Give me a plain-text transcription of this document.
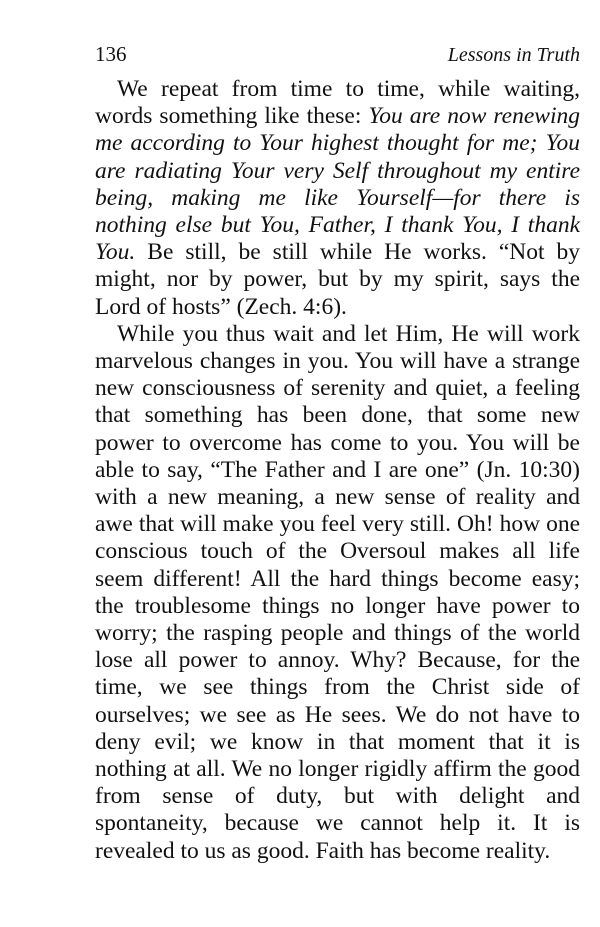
136	Lessons in Truth

We repeat from time to time, while waiting, words something like these: You are now renewing me according to Your highest thought for me; You are radiating Your very Self throughout my entire being, making me like Yourself—for there is nothing else but You, Father, I thank You, I thank You. Be still, be still while He works. “Not by might, nor by power, but by my spirit, says the Lord of hosts” (Zech. 4:6).

While you thus wait and let Him, He will work marvelous changes in you. You will have a strange new consciousness of serenity and quiet, a feeling that something has been done, that some new power to overcome has come to you. You will be able to say, “The Father and I are one” (Jn. 10:30) with a new meaning, a new sense of reality and awe that will make you feel very still. Oh! how one conscious touch of the Oversoul makes all life seem different! All the hard things become easy; the troublesome things no longer have power to worry; the rasping people and things of the world lose all power to annoy. Why? Because, for the time, we see things from the Christ side of ourselves; we see as He sees. We do not have to deny evil; we know in that moment that it is nothing at all. We no longer rigidly affirm the good from sense of duty, but with delight and spontaneity, because we cannot help it. It is revealed to us as good. Faith has become reality.
